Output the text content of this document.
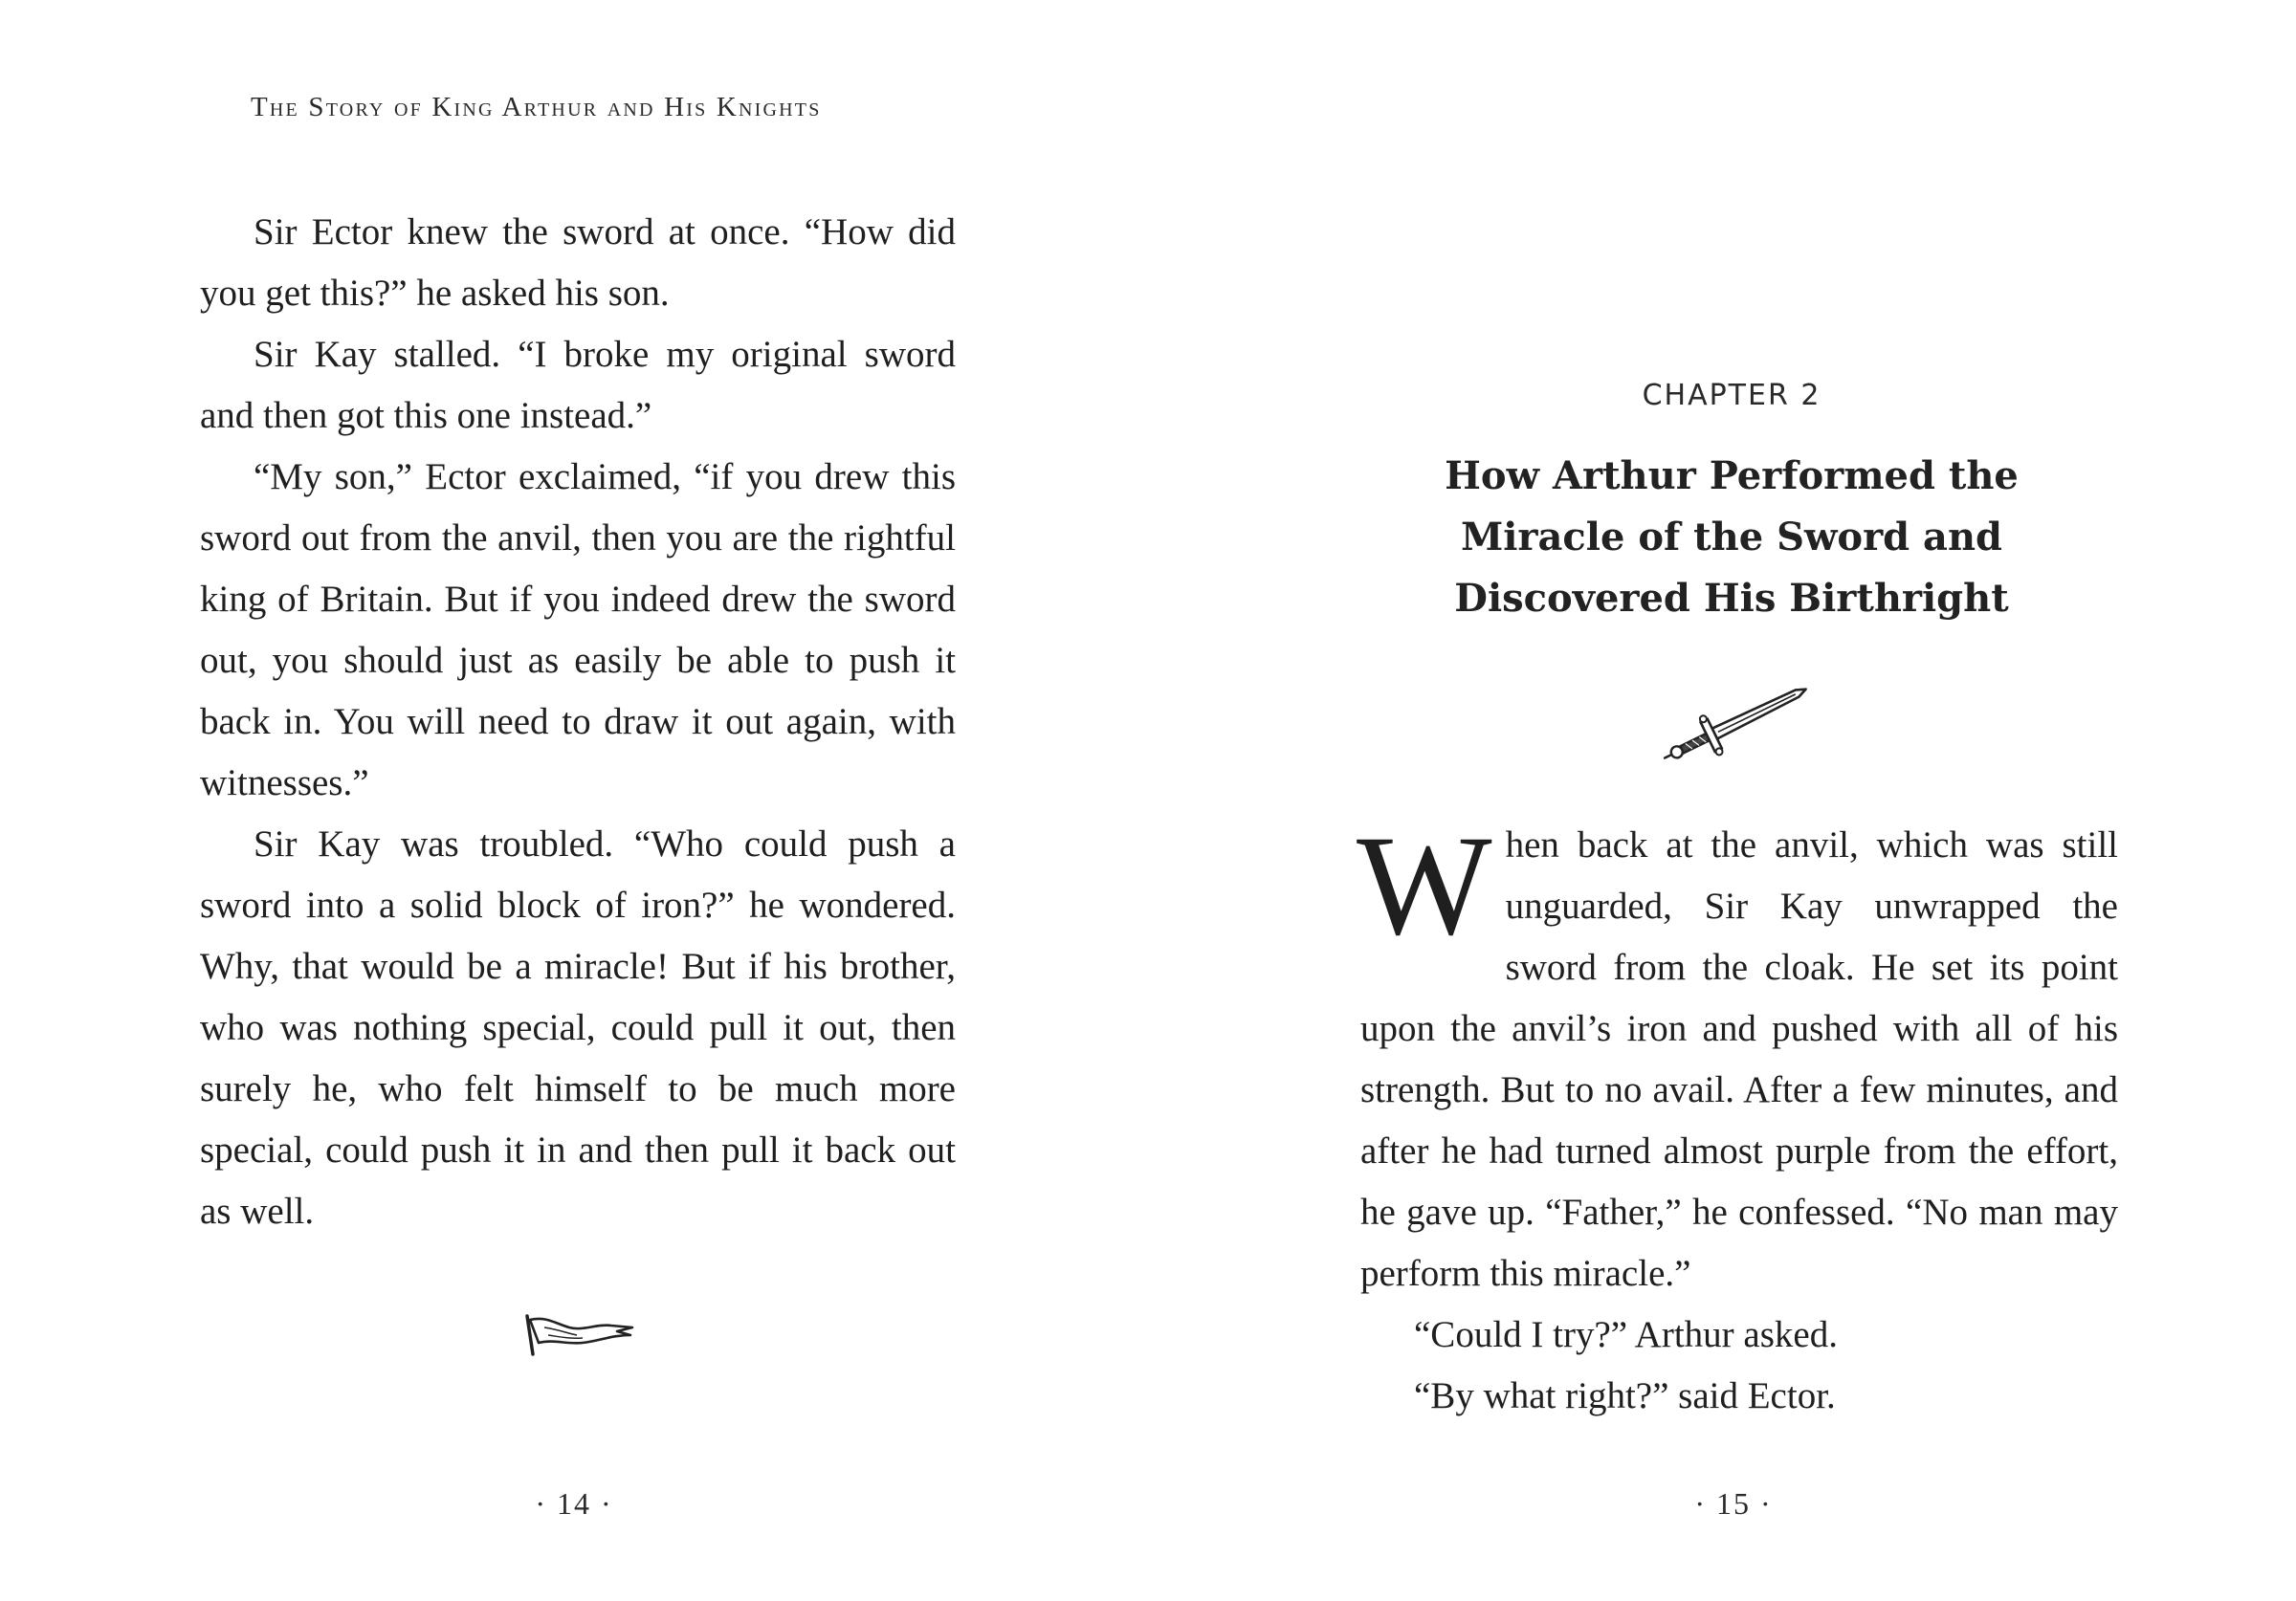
The Story of King Arthur and His Knights

Sir Ector knew the sword at once. “How did you get this?” he asked his son.

Sir Kay stalled. “I broke my original sword and then got this one instead.”

“My son,” Ector exclaimed, “if you drew this sword out from the anvil, then you are the rightful king of Britain. But if you indeed drew the sword out, you should just as easily be able to push it back in. You will need to draw it out again, with witnesses.”

Sir Kay was troubled. “Who could push a sword into a solid block of iron?” he wondered. Why, that would be a miracle! But if his brother, who was nothing special, could pull it out, then surely he, who felt himself to be much more special, could push it in and then pull it back out as well.

· 14 ·
CHAPTER 2
How Arthur Performed the
Miracle of the Sword and
Discovered His Birthright

When back at the anvil, which was still unguarded, Sir Kay unwrapped the sword from the cloak. He set its point upon the anvil’s iron and pushed with all of his strength. But to no avail. After a few minutes, and after he had turned almost purple from the effort, he gave up. “Father,” he confessed. “No man may perform this miracle.”

“Could I try?” Arthur asked.

“By what right?” said Ector.

· 15 ·
